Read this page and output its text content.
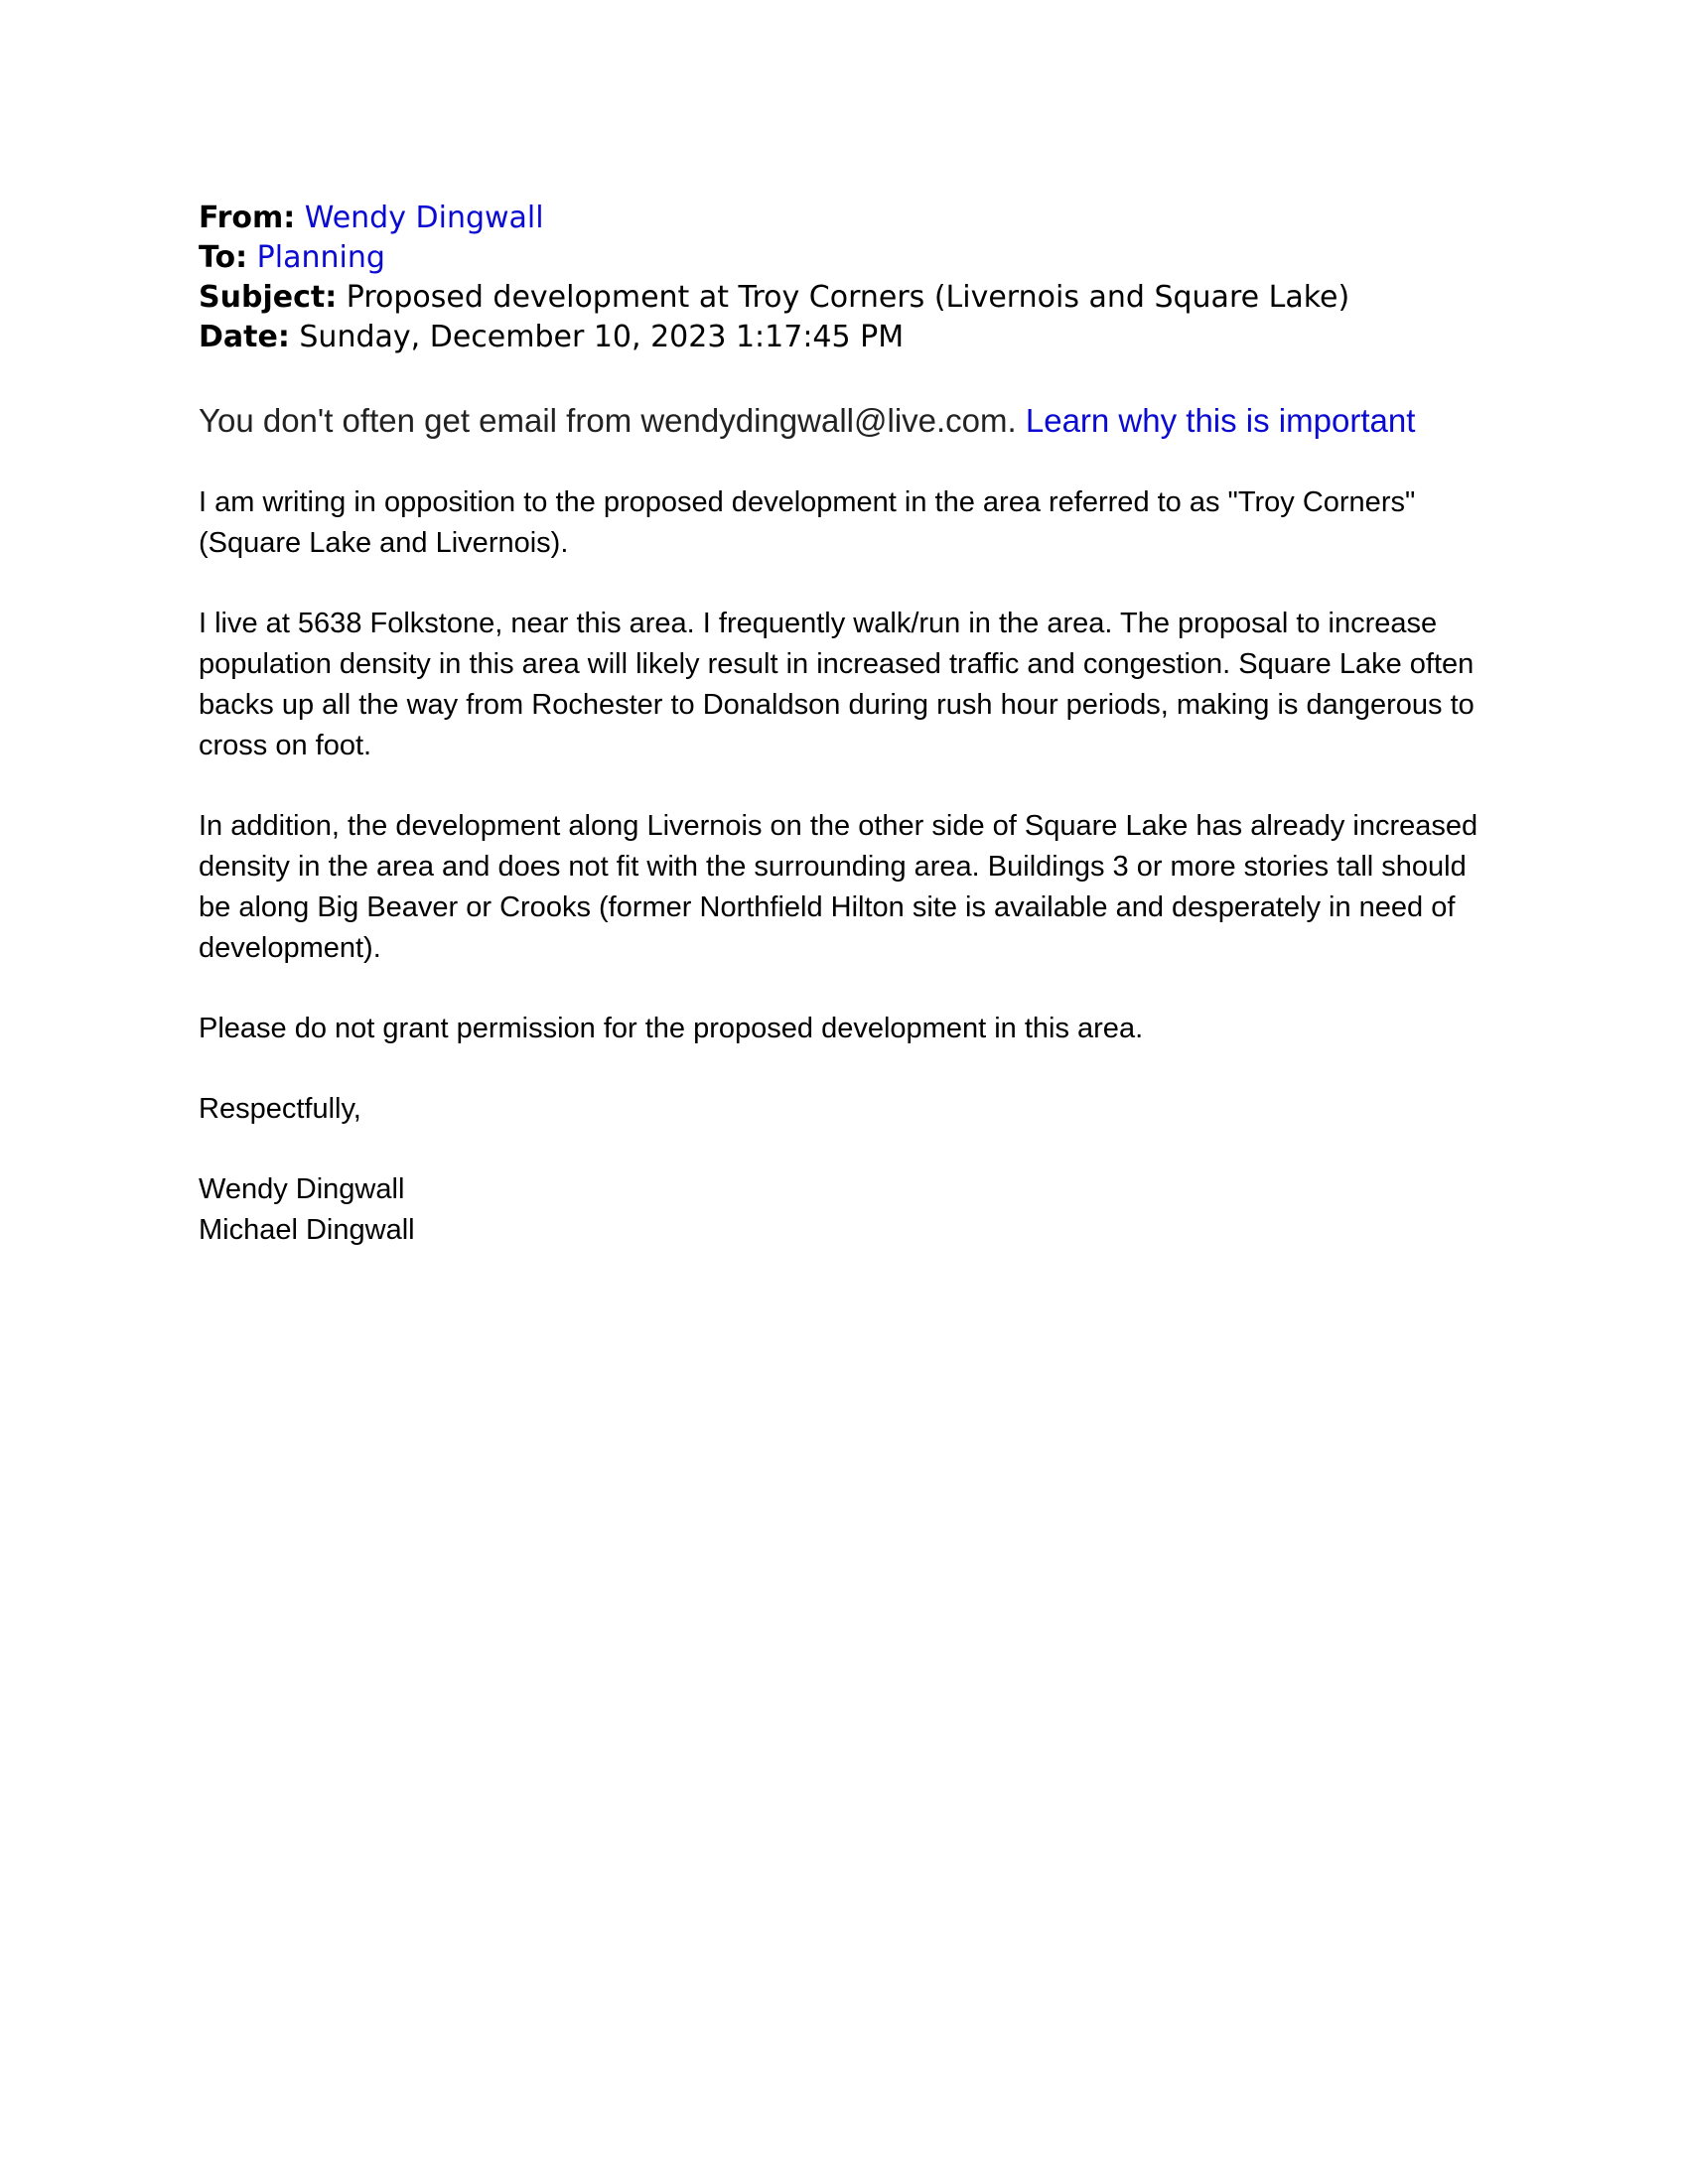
From: Wendy Dingwall
To: Planning
Subject: Proposed development at Troy Corners (Livernois and Square Lake)
Date: Sunday, December 10, 2023 1:17:45 PM
You don't often get email from wendydingwall@live.com. Learn why this is important

I am writing in opposition to the proposed development in the area referred to as "Troy Corners" (Square Lake and Livernois).

I live at 5638 Folkstone, near this area. I frequently walk/run in the area. The proposal to increase population density in this area will likely result in increased traffic and congestion. Square Lake often backs up all the way from Rochester to Donaldson during rush hour periods, making is dangerous to cross on foot.

In addition, the development along Livernois on the other side of Square Lake has already increased density in the area and does not fit with the surrounding area. Buildings 3 or more stories tall should be along Big Beaver or Crooks (former Northfield Hilton site is available and desperately in need of development).

Please do not grant permission for the proposed development in this area.

Respectfully,

Wendy Dingwall
Michael Dingwall
